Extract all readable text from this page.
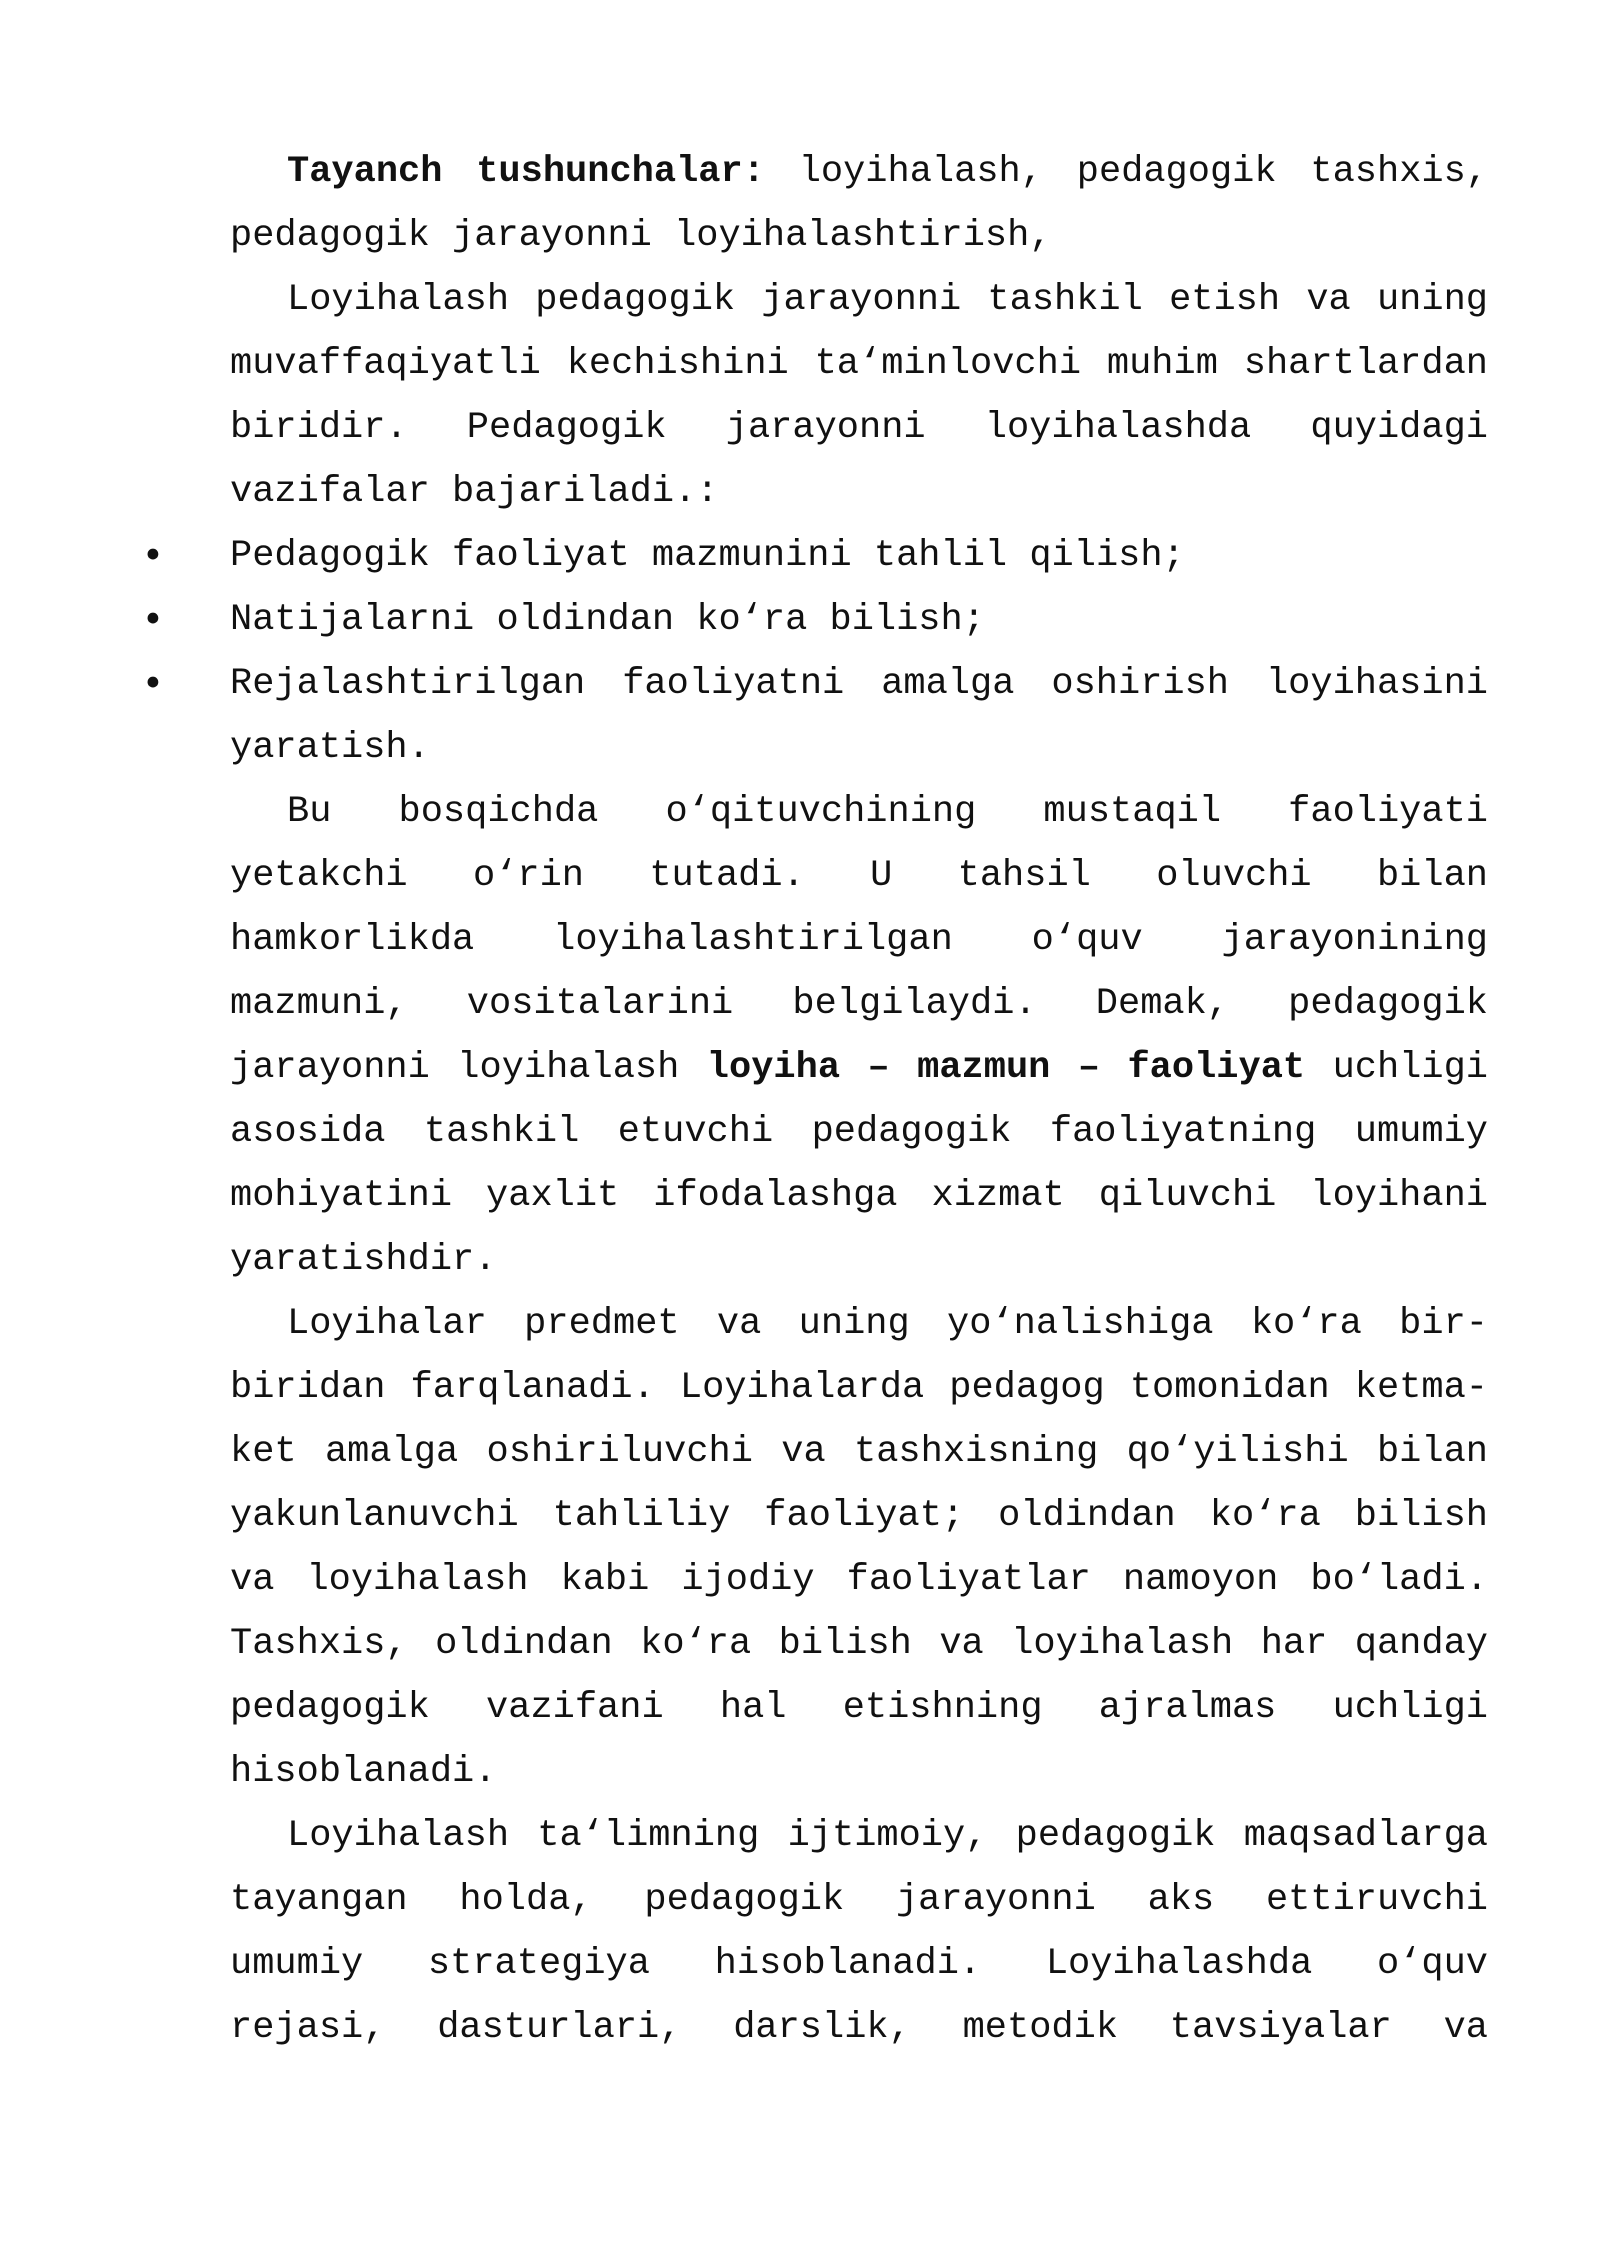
Tayanch tushunchalar: loyihalash, pedagogik tashxis, pedagogik jarayonni loyihalashtirish,

Loyihalash pedagogik jarayonni tashkil etish va uning muvaffaqiyatli kechishini ta‘minlovchi muhim shartlardan biridir. Pedagogik jarayonni loyihalashda quyidagi vazifalar bajariladi.:

•	Pedagogik faoliyat mazmunini tahlil qilish;
•	Natijalarni oldindan ko‘ra bilish;
•	Rejalashtirilgan faoliyatni amalga oshirish loyihasini yaratish.

Bu bosqichda o‘qituvchining mustaqil faoliyati yetakchi o‘rin tutadi. U tahsil oluvchi bilan hamkorlikda loyihalashtirilgan o‘quv jarayonining mazmuni, vositalarini belgilaydi. Demak, pedagogik jarayonni loyihalash loyiha – mazmun – faoliyat uchligi asosida tashkil etuvchi pedagogik faoliyatning umumiy mohiyatini yaxlit ifodalashga xizmat qiluvchi loyihani yaratishdir.

Loyihalar predmet va uning yo‘nalishiga ko‘ra bir-biridan farqlanadi. Loyihalarda pedagog tomonidan ketma-ket amalga oshiriluvchi va tashxisning qo‘yilishi bilan yakunlanuvchi tahliliy faoliyat; oldindan ko‘ra bilish va loyihalash kabi ijodiy faoliyatlar namoyon bo‘ladi. Tashxis, oldindan ko‘ra bilish va loyihalash har qanday pedagogik vazifani hal etishning ajralmas uchligi hisoblanadi.

Loyihalash ta‘limning ijtimoiy, pedagogik maqsadlarga tayangan holda, pedagogik jarayonni aks ettiruvchi umumiy strategiya hisoblanadi. Loyihalashda o‘quv rejasi, dasturlari, darslik, metodik tavsiyalar va
